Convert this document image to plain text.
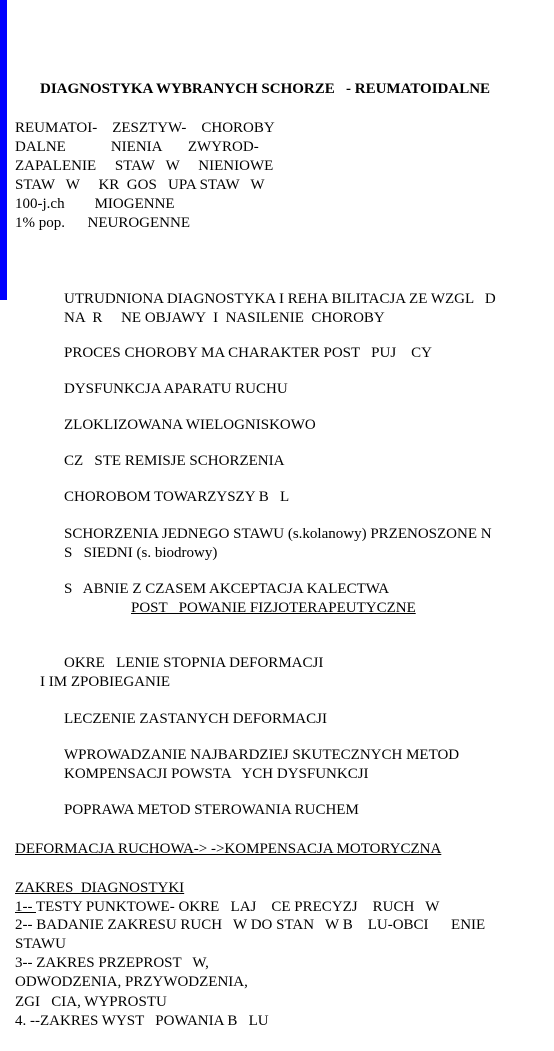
DIAGNOSTYKA WYBRANYCH SCHORZE   - REUMATOIDALNE
REUMATOI-    ZESZTYW-    CHOROBY
DALNE            NIENIA       ZWYROD-
ZAPALENIE     STAW   W     NIENIOWE
STAW   W     KR  GOS   UPA STAW   W
100-j.ch        MIOGENNE
1% pop.      NEUROGENNE
UTRUDNIONA DIAGNOSTYKA I REHA BILITACJA ZE WZGL   D
NA  R     NE OBJAWY  I  NASILENIE  CHOROBY
PROCES CHOROBY MA CHARAKTER POST   PUJ    CY
DYSFUNKCJA APARATU RUCHU
ZLOKLIZOWANA WIELOGNISKOWO
CZ   STE REMISJE SCHORZENIA
CHOROBOM TOWARZYSZY B   L
SCHORZENIA JEDNEGO STAWU (s.kolanowy) PRZENOSZONE N
S   SIEDNI (s. biodrowy)
S   ABNIE Z CZASEM AKCEPTACJA KALECTWA
POST   POWANIE FIZJOTERAPEUTYCZNE
OKRE   LENIE STOPNIA DEFORMACJI
I IM ZPOBIEGANIE
LECZENIE ZASTANYCH DEFORMACJI
WPROWADZANIE NAJBARDZIEJ SKUTECZNYCH METOD
KOMPENSACJI POWSTA   YCH DYSFUNKCJI
POPRAWA METOD STEROWANIA RUCHEM
DEFORMACJA RUCHOWA-> ->KOMPENSACJA MOTORYCZNA
ZAKRES  DIAGNOSTYKI
1-- TESTY PUNKTOWE- OKRE   LAJ    CE PRECYZJ    RUCH   W
2-- BADANIE ZAKRESU RUCH   W DO STAN   W B    LU-OBCI      ENIE
STAWU
3-- ZAKRES PRZEPROST   W,
ODWODZENIA, PRZYWODZENIA,
ZGI   CIA, WYPROSTU
4. --ZAKRES WYST   POWANIA B   LU
